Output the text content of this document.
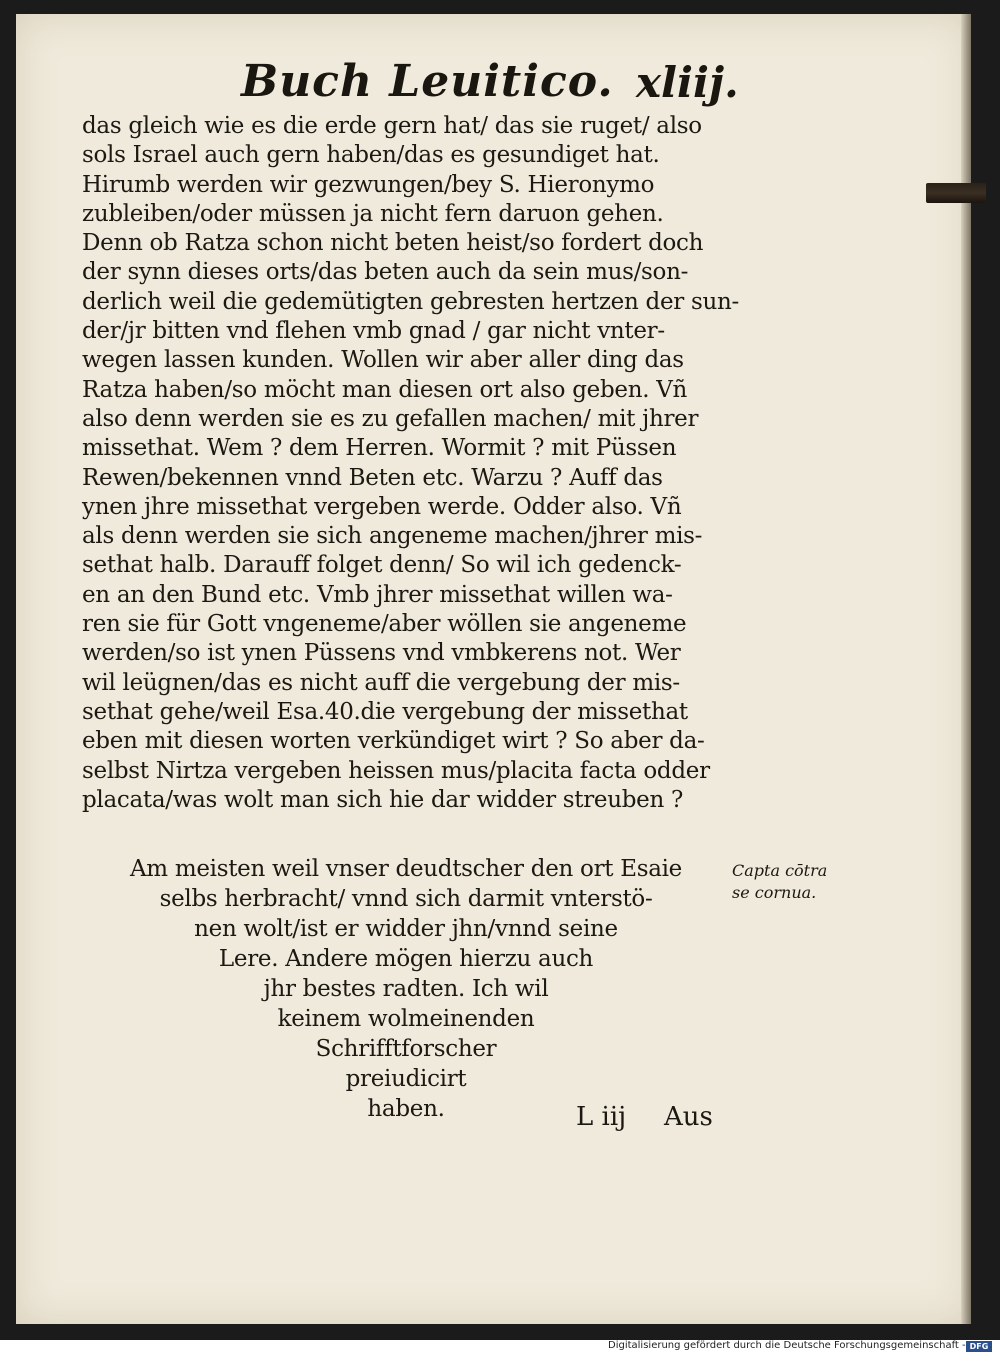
Buch Leuitico. xliij.
das gleich wie es die erde gern hat/ das sie ruget/ also
sols Israel auch gern haben/das es gesundiget hat.
Hirumb werden wir gezwungen/bey S. Hieronymo
zubleiben/oder müssen ja nicht fern daruon gehen.
Denn ob Ratza schon nicht beten heist/so fordert doch
der synn dieses orts/das beten auch da sein mus/son-
derlich weil die gedemütigten gebresten hertzen der sun-
der/jr bitten vnd flehen vmb gnad / gar nicht vnter-
wegen lassen kunden. Wollen wir aber aller ding das
Ratza haben/so möcht man diesen ort also geben. Vñ
also denn werden sie es zu gefallen machen/ mit jhrer
missethat. Wem ? dem Herren. Wormit ? mit Püssen
Rewen/bekennen vnnd Beten etc. Warzu ? Auff das
ynen jhre missethat vergeben werde. Odder also. Vñ
als denn werden sie sich angeneme machen/jhrer mis-
sethat halb. Darauff folget denn/ So wil ich gedenck-
en an den Bund etc. Vmb jhrer missethat willen wa-
ren sie für Gott vngeneme/aber wöllen sie angeneme
werden/so ist ynen Püssens vnd vmbkerens not. Wer
wil leügnen/das es nicht auff die vergebung der mis-
sethat gehe/weil Esa.40.die vergebung der missethat
eben mit diesen worten verkündiget wirt ? So aber da-
selbst Nirtza vergeben heissen mus/placita facta odder
placata/was wolt man sich hie dar widder streuben ?
Am meisten weil vnser deudtscher den ort Esaie
selbs herbracht/ vnnd sich darmit vnterstö-
nen wolt/ist er widder jhn/vnnd seine
Lere. Andere mögen hierzu auch
jhr bestes radten. Ich wil
keinem wolmeinenden
Schrifftforscher
preiudicirt
haben.	L iij Aus
Capta cōtra
se cornua.
Digitalisierung gefördert durch die Deutsche Forschungsgemeinschaft - DFG
